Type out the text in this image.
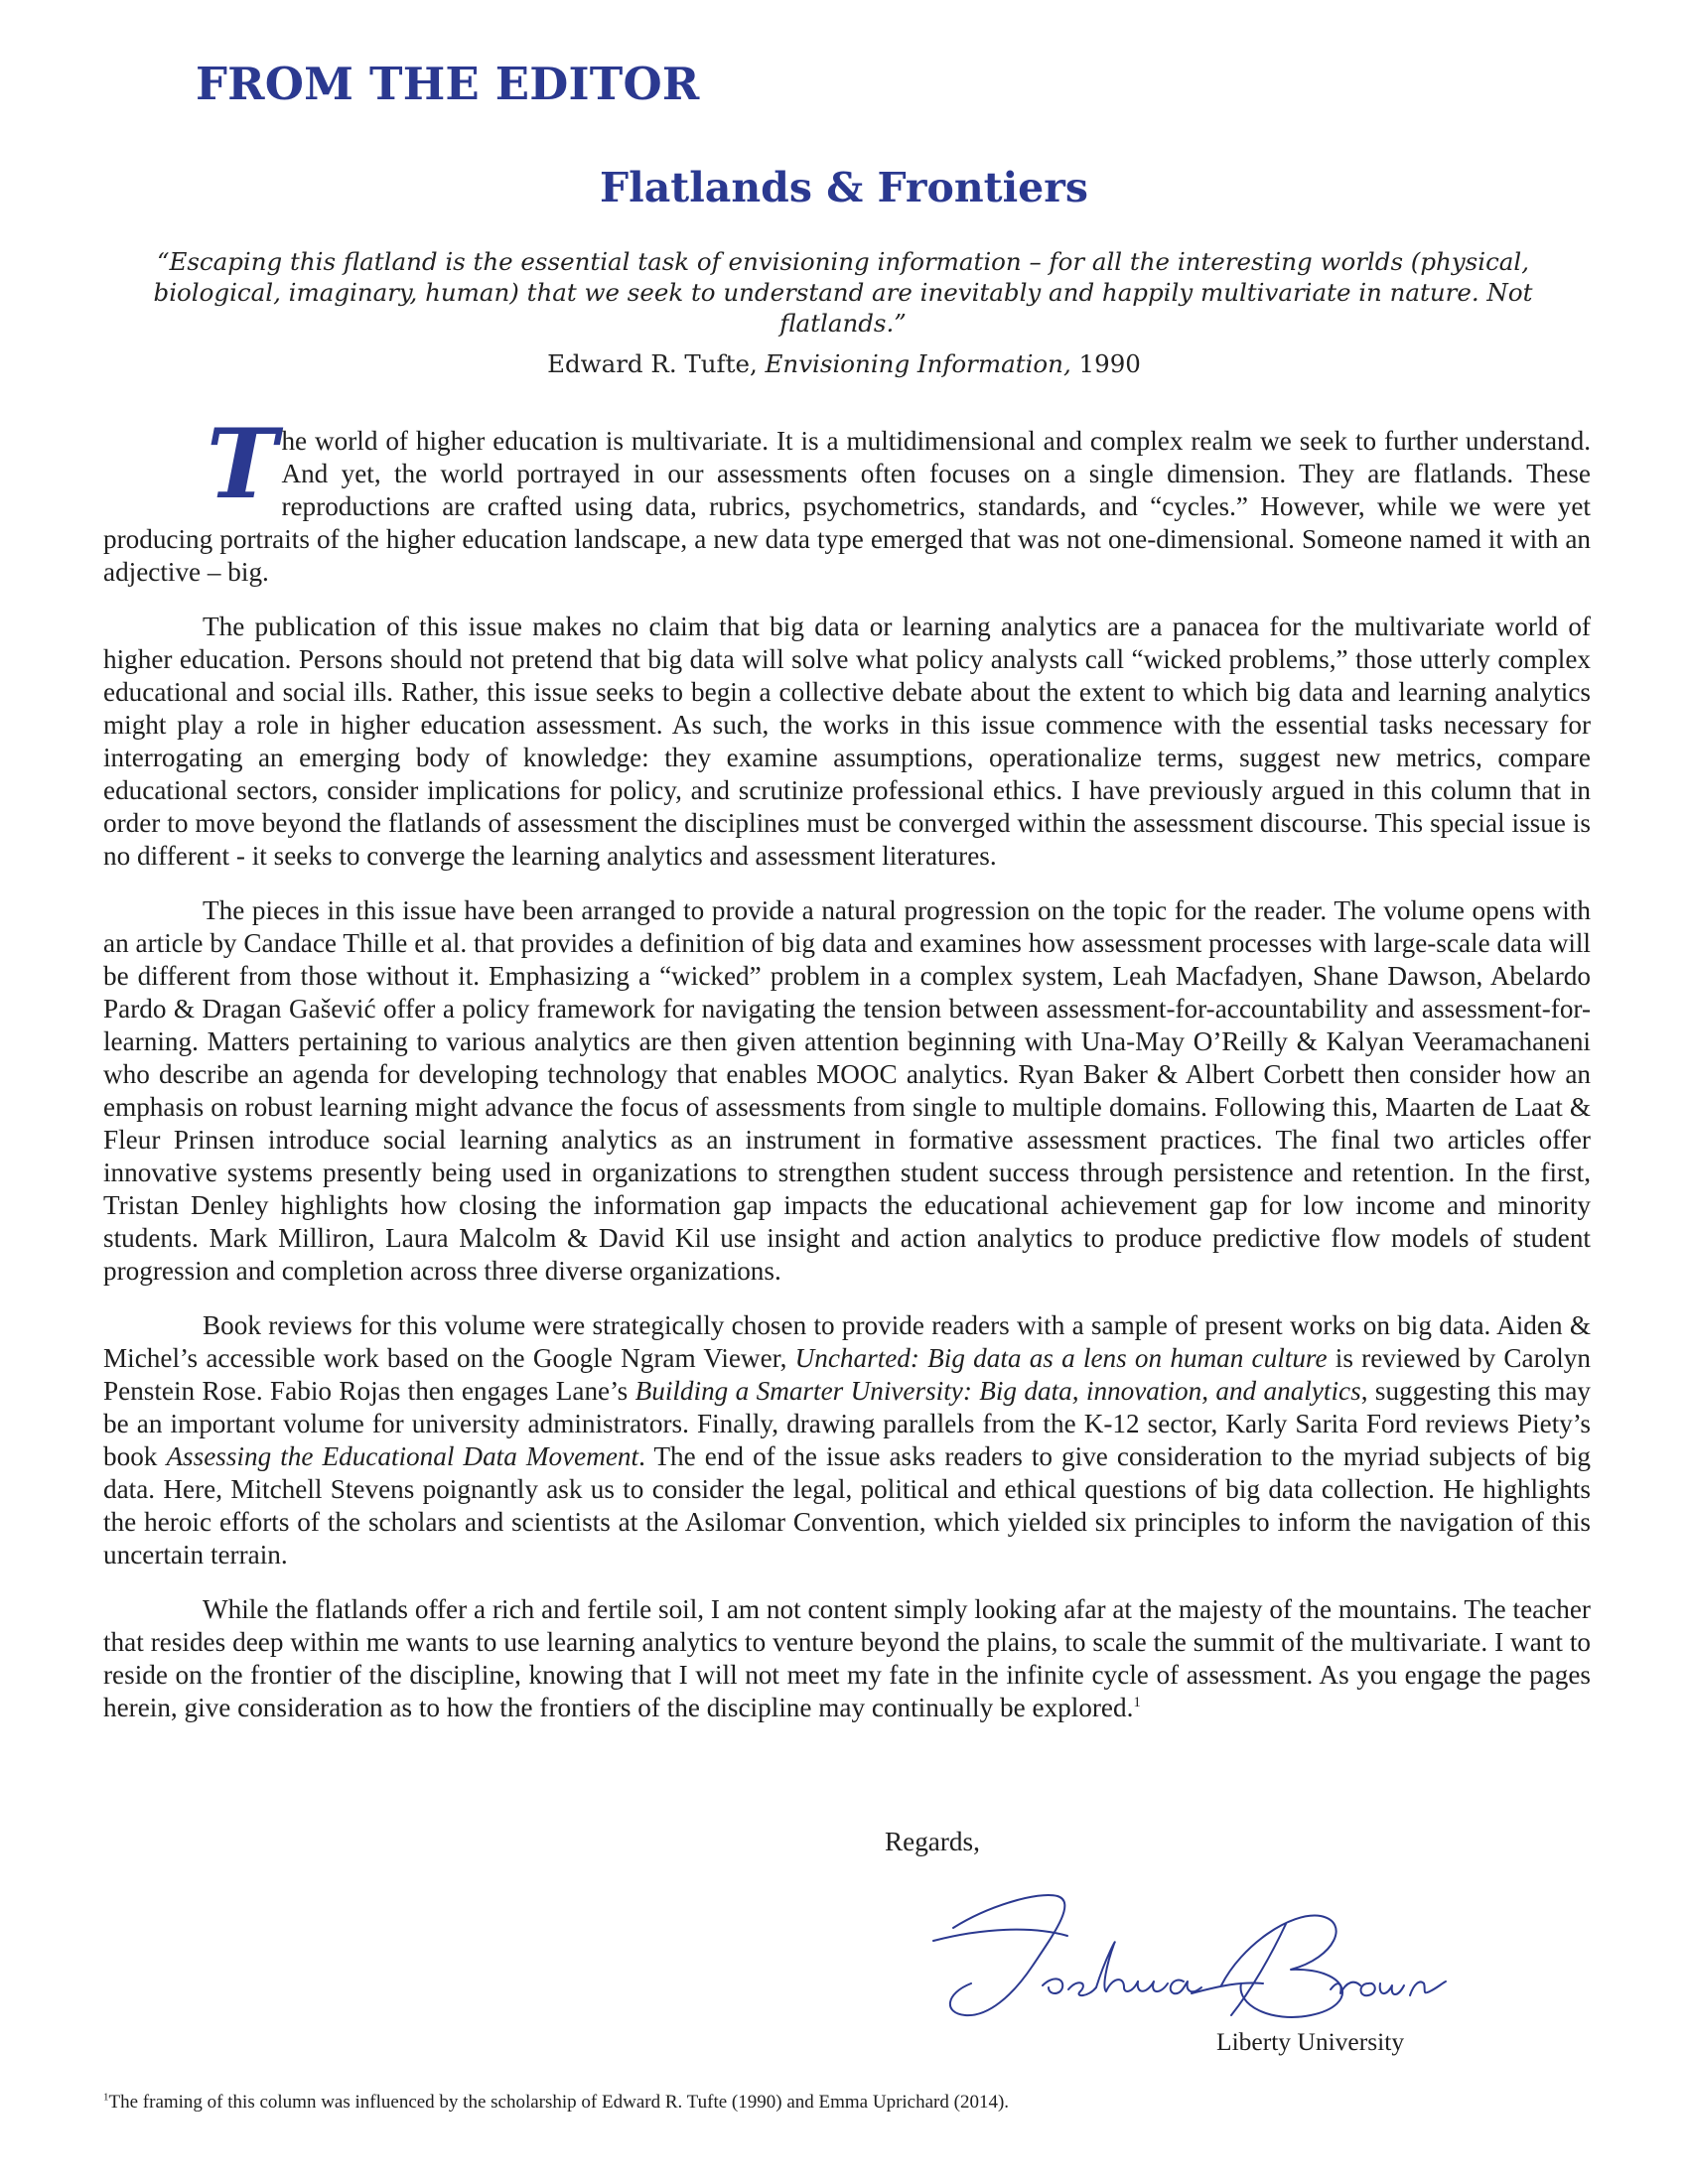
FROM THE EDITOR
Flatlands & Frontiers

“Escaping this flatland is the essential task of envisioning information – for all the interesting worlds (physical, biological, imaginary, human) that we seek to understand are inevitably and happily multivariate in nature. Not flatlands.”

Edward R. Tufte, Envisioning Information, 1990

The world of higher education is multivariate. It is a multidimensional and complex realm we seek to further understand. And yet, the world portrayed in our assessments often focuses on a single dimension. They are flatlands. These reproductions are crafted using data, rubrics, psychometrics, standards, and “cycles.” However, while we were yet producing portraits of the higher education landscape, a new data type emerged that was not one-dimensional. Someone named it with an adjective – big.

The publication of this issue makes no claim that big data or learning analytics are a panacea for the multivariate world of higher education. Persons should not pretend that big data will solve what policy analysts call “wicked problems,” those utterly complex educational and social ills. Rather, this issue seeks to begin a collective debate about the extent to which big data and learning analytics might play a role in higher education assessment. As such, the works in this issue commence with the essential tasks necessary for interrogating an emerging body of knowledge: they examine assumptions, operationalize terms, suggest new metrics, compare educational sectors, consider implications for policy, and scrutinize professional ethics. I have previously argued in this column that in order to move beyond the flatlands of assessment the disciplines must be converged within the assessment discourse. This special issue is no different - it seeks to converge the learning analytics and assessment literatures.

The pieces in this issue have been arranged to provide a natural progression on the topic for the reader. The volume opens with an article by Candace Thille et al. that provides a definition of big data and examines how assessment processes with large-scale data will be different from those without it. Emphasizing a “wicked” problem in a complex system, Leah Macfadyen, Shane Dawson, Abelardo Pardo & Dragan Gašević offer a policy framework for navigating the tension between assessment-for-accountability and assessment-for-learning. Matters pertaining to various analytics are then given attention beginning with Una-May O’Reilly & Kalyan Veeramachaneni who describe an agenda for developing technology that enables MOOC analytics. Ryan Baker & Albert Corbett then consider how an emphasis on robust learning might advance the focus of assessments from single to multiple domains. Following this, Maarten de Laat & Fleur Prinsen introduce social learning analytics as an instrument in formative assessment practices. The final two articles offer innovative systems presently being used in organizations to strengthen student success through persistence and retention. In the first, Tristan Denley highlights how closing the information gap impacts the educational achievement gap for low income and minority students. Mark Milliron, Laura Malcolm & David Kil use insight and action analytics to produce predictive flow models of student progression and completion across three diverse organizations.

Book reviews for this volume were strategically chosen to provide readers with a sample of present works on big data. Aiden & Michel’s accessible work based on the Google Ngram Viewer, Uncharted: Big data as a lens on human culture is reviewed by Carolyn Penstein Rose. Fabio Rojas then engages Lane’s Building a Smarter University: Big data, innovation, and analytics, suggesting this may be an important volume for university administrators. Finally, drawing parallels from the K-12 sector, Karly Sarita Ford reviews Piety’s book Assessing the Educational Data Movement. The end of the issue asks readers to give consideration to the myriad subjects of big data. Here, Mitchell Stevens poignantly ask us to consider the legal, political and ethical questions of big data collection. He highlights the heroic efforts of the scholars and scientists at the Asilomar Convention, which yielded six principles to inform the navigation of this uncertain terrain.

While the flatlands offer a rich and fertile soil, I am not content simply looking afar at the majesty of the mountains. The teacher that resides deep within me wants to use learning analytics to venture beyond the plains, to scale the summit of the multivariate. I want to reside on the frontier of the discipline, knowing that I will not meet my fate in the infinite cycle of assessment. As you engage the pages herein, give consideration as to how the frontiers of the discipline may continually be explored.$^1$

Regards,

Liberty University

$^1$The framing of this column was influenced by the scholarship of Edward R. Tufte (1990) and Emma Uprichard (2014).
